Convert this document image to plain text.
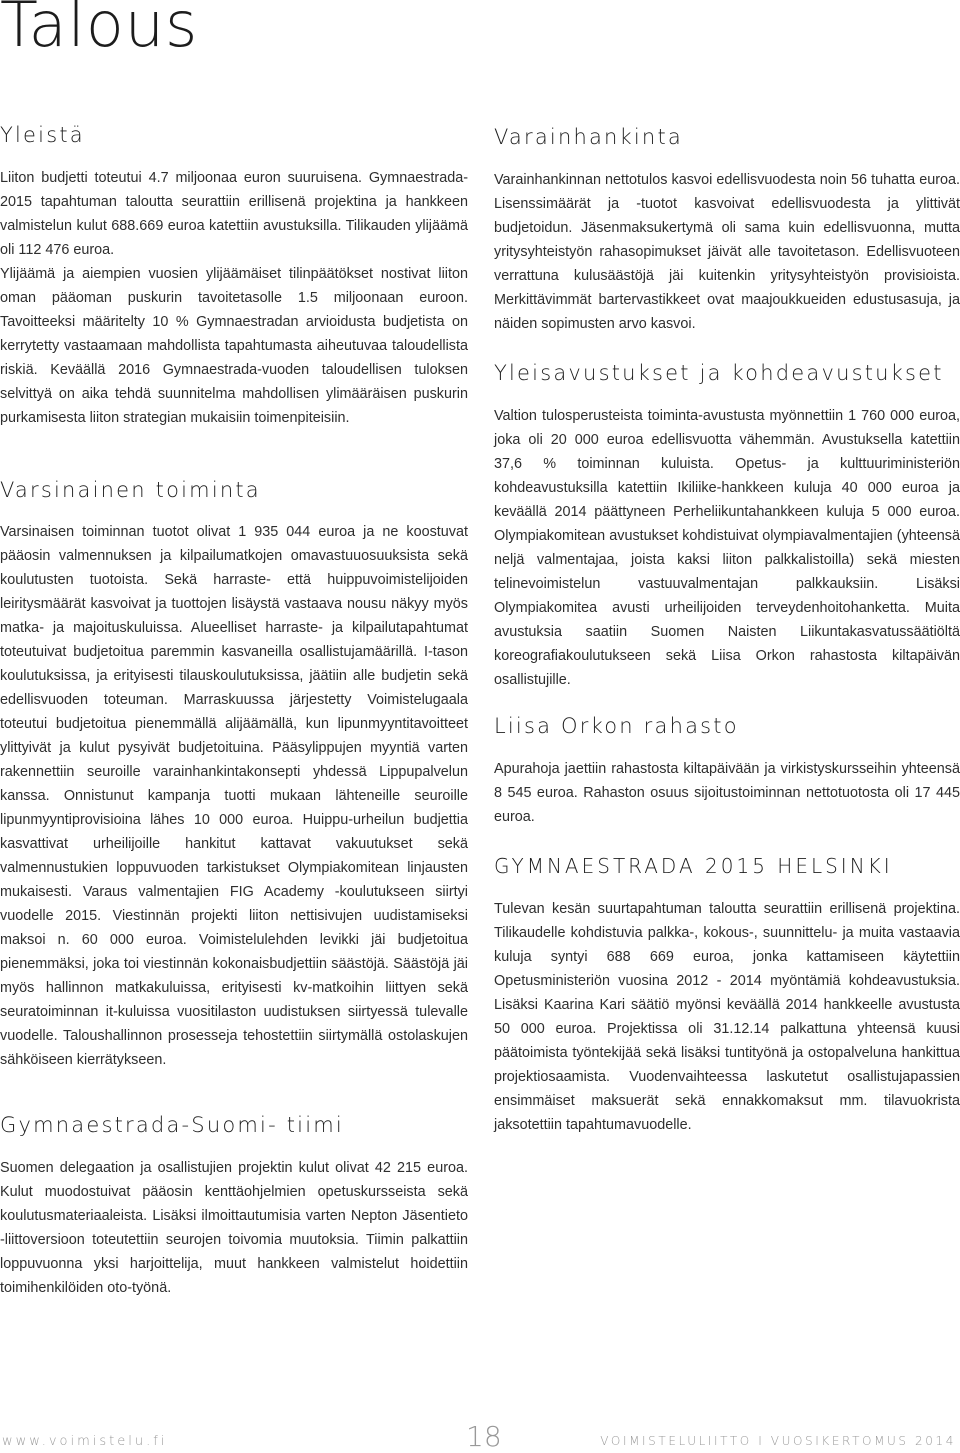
Talous
Yleistä

Liiton budjetti toteutui 4.7 miljoonaa euron suuruisena. Gymnaestrada-2015 tapahtuman taloutta seurattiin erillisenä projektina ja hankkeen valmistelun kulut 688.669 euroa katettiin avustuksilla. Tilikauden ylijäämä oli 112 476 euroa.

Ylijäämä ja aiempien vuosien ylijäämäiset tilinpäätökset nostivat liiton oman pääoman puskurin tavoitetasolle 1.5 miljoonaan euroon. Tavoitteeksi määritelty 10 % Gymnaestradan arvioidusta budjetista on kerrytetty vastaamaan mahdollista tapahtumasta aiheutuvaa taloudellista riskiä. Keväällä 2016 Gymnaestrada-vuoden taloudellisen tuloksen selvittyä on aika tehdä suunnitelma mahdollisen ylimääräisen puskurin purkamisesta liiton strategian mukaisiin toimenpiteisiin.

Varsinainen toiminta

Varsinaisen toiminnan tuotot olivat 1 935 044 euroa ja ne koostuvat pääosin valmennuksen ja kilpailumatkojen omavastuuosuuksista sekä koulutusten tuotoista. Sekä harraste- että huippuvoimistelijoiden leiritysmäärät kasvoivat ja tuottojen lisäystä vastaava nousu näkyy myös matka- ja majoituskuluissa. Alueelliset harraste- ja kilpailutapahtumat toteutuivat budjetoitua paremmin kasvaneilla osallistujamäärillä. I-tason koulutuksissa, ja erityisesti tilauskoulutuksissa, jäätiin alle budjetin sekä edellisvuoden toteuman. Marraskuussa järjestetty Voimistelugaala toteutui budjetoitua pienemmällä alijäämällä, kun lipunmyyntitavoitteet ylittyivät ja kulut pysyivät budjetoituina. Pääsylippujen myyntiä varten rakennettiin seuroille varainhankintakonsepti yhdessä Lippupalvelun kanssa. Onnistunut kampanja tuotti mukaan lähteneille seuroille lipunmyyntiprovisioina lähes 10 000 euroa. Huippu-urheilun budjettia kasvattivat urheilijoille hankitut kattavat vakuutukset sekä valmennustukien loppuvuoden tarkistukset Olympiakomitean linjausten mukaisesti. Varaus valmentajien FIG Academy -koulutukseen siirtyi vuodelle 2015. Viestinnän projekti liiton nettisivujen uudistamiseksi maksoi n. 60 000 euroa. Voimistelulehden levikki jäi budjetoitua pienemmäksi, joka toi viestinnän kokonaisbudjettiin säästöjä. Säästöjä jäi myös hallinnon matkakuluissa, erityisesti kv-matkoihin liittyen sekä seuratoiminnan it-kuluissa vuositilaston uudistuksen siirtyessä tulevalle vuodelle. Taloushallinnon prosesseja tehostettiin siirtymällä ostolaskujen sähköiseen kierrätykseen.

Gymnaestrada-Suomi- tiimi

Suomen delegaation ja osallistujien projektin kulut olivat 42 215 euroa. Kulut muodostuivat pääosin kenttäohjelmien opetuskursseista sekä koulutusmateriaaleista. Lisäksi ilmoittautumisia varten Nepton Jäsentieto -liittoversioon toteutettiin seurojen toivomia muutoksia. Tiimin palkattiin loppuvuonna yksi harjoittelija, muut hankkeen valmistelut hoidettiin toimihenkilöiden oto-työnä.

Varainhankinta

Varainhankinnan nettotulos kasvoi edellisvuodesta noin 56 tuhatta euroa. Lisenssimäärät ja -tuotot kasvoivat edellisvuodesta ja ylittivät budjetoidun. Jäsenmaksukertymä oli sama kuin edellisvuonna, mutta yritysyhteistyön rahasopimukset jäivät alle tavoitetason. Edellisvuoteen verrattuna kulusäästöjä jäi kuitenkin yritysyhteistyön provisioista. Merkittävimmät bartervastikkeet ovat maajoukkueiden edustusasuja, ja näiden sopimusten arvo kasvoi.

Yleisavustukset ja kohdeavustukset

Valtion tulosperusteista toiminta-avustusta myönnettiin 1 760 000 euroa, joka oli 20 000 euroa edellisvuotta vähemmän. Avustuksella katettiin 37,6 % toiminnan kuluista. Opetus- ja kulttuuriministeriön kohdeavustuksilla katettiin Ikiliike-hankkeen kuluja 40 000 euroa ja keväällä 2014 päättyneen Perheliikuntahankkeen kuluja 5 000 euroa. Olympiakomitean avustukset kohdistuivat olympiavalmentajien (yhteensä neljä valmentajaa, joista kaksi liiton palkkalistoilla) sekä miesten telinevoimistelun vastuuvalmentajan palkkauksiin. Lisäksi Olympiakomitea avusti urheilijoiden terveydenhoitohanketta. Muita avustuksia saatiin Suomen Naisten Liikuntakasvatussäätiöltä koreografiakoulutukseen sekä Liisa Orkon rahastosta kiltapäivän osallistujille.

Liisa Orkon rahasto

Apurahoja jaettiin rahastosta kiltapäivään ja virkistyskursseihin yhteensä 8 545 euroa. Rahaston osuus sijoitustoiminnan nettotuotosta oli 17 445 euroa.

GYMNAESTRADA 2015 HELSINKI

Tulevan kesän suurtapahtuman taloutta seurattiin erillisenä projektina. Tilikaudelle kohdistuvia palkka-, kokous-, suunnittelu- ja muita vastaavia kuluja syntyi 688 669 euroa, jonka kattamiseen käytettiin Opetusministeriön vuosina 2012 - 2014 myöntämiä kohdeavustuksia. Lisäksi Kaarina Kari säätiö myönsi keväällä 2014 hankkeelle avustusta 50 000 euroa. Projektissa oli 31.12.14 palkattuna yhteensä kuusi päätoimista työntekijää sekä lisäksi tuntityönä ja ostopalveluna hankittua projektiosaamista. Vuodenvaihteessa laskutetut osallistujapassien ensimmäiset maksuerät sekä ennakkomaksut mm. tilavuokrista jaksotettiin tapahtumavuodelle.

www.voimistelu.fi	18	VOIMISTELULIITTO I VUOSIKERTOMUS 2014
